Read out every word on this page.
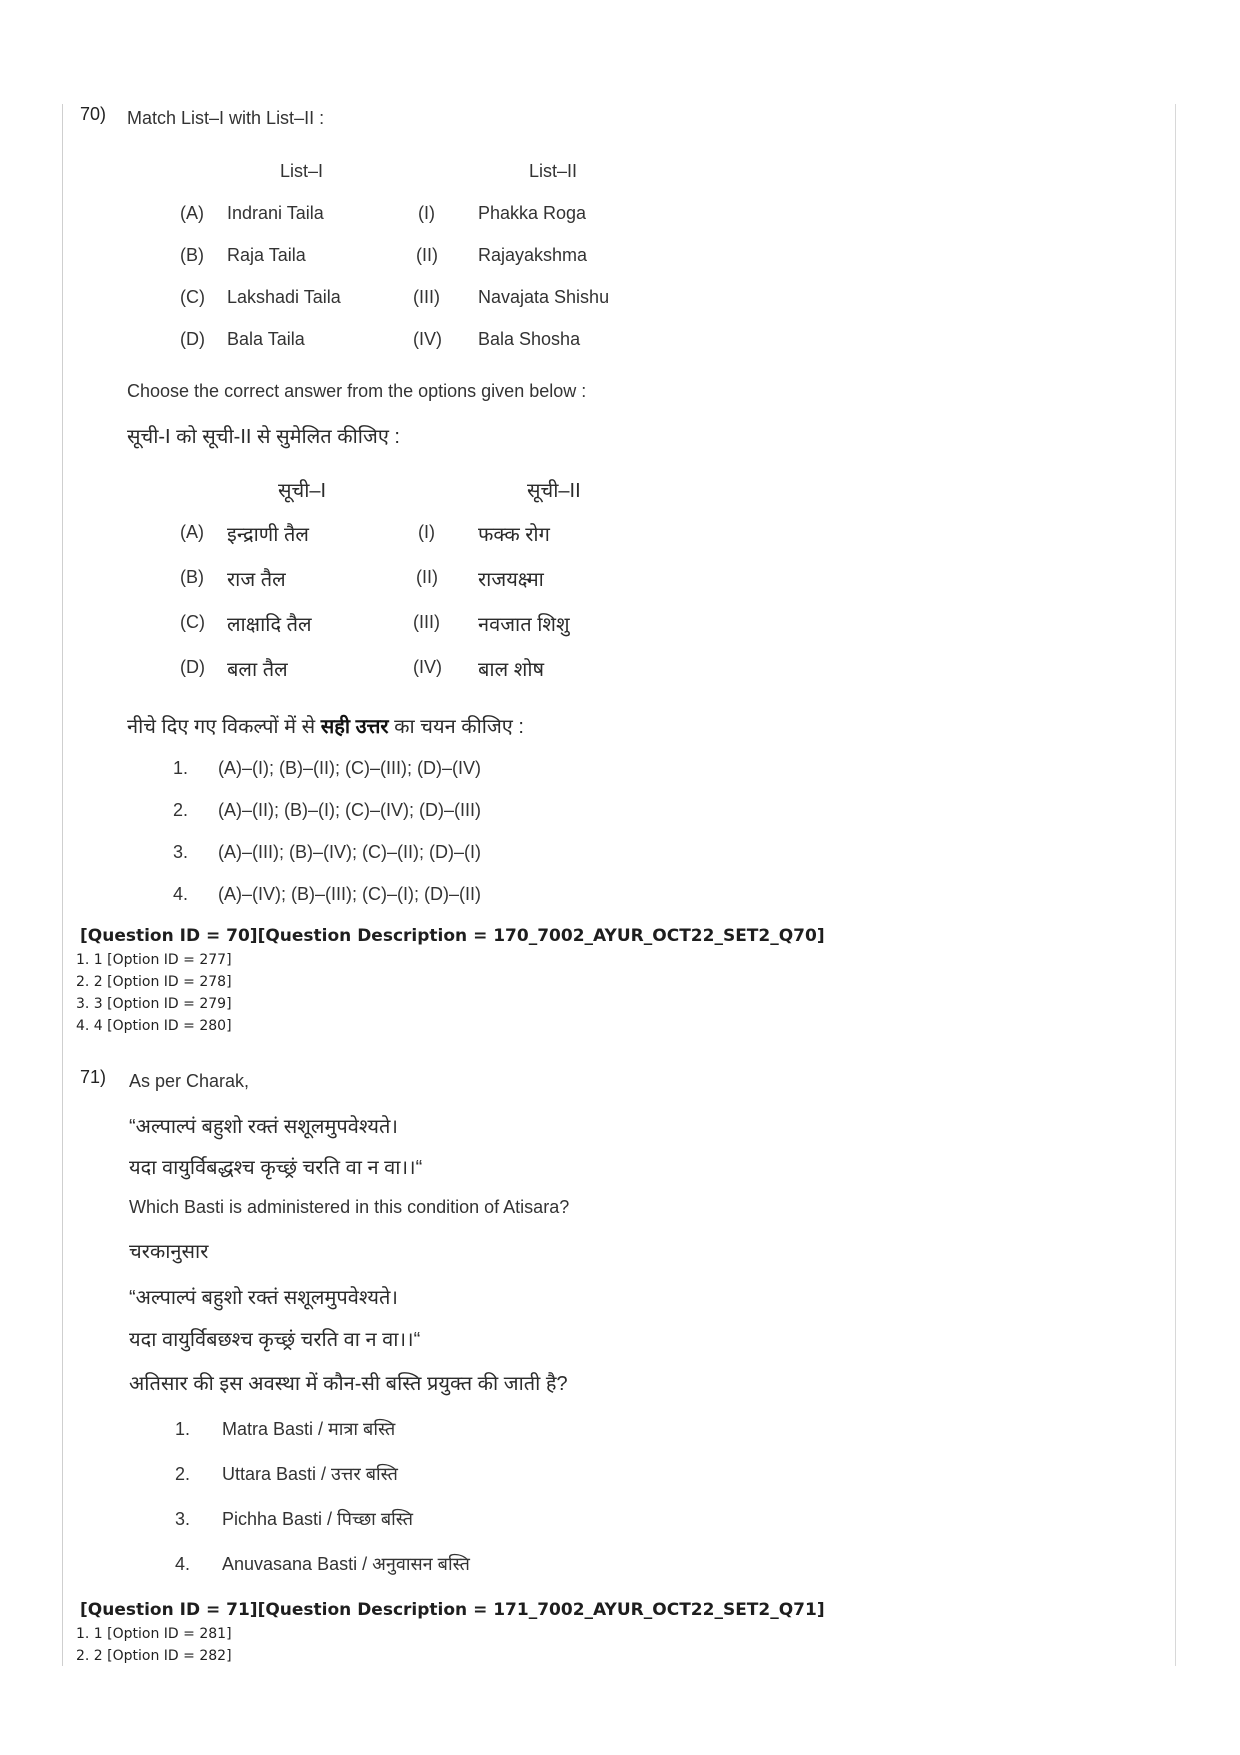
70) Match List–I with List–II :
List–I	List–II
(A) Indrani Taila	(I) Phakka Roga
(B) Raja Taila	(II) Rajayakshma
(C) Lakshadi Taila	(III) Navajata Shishu
(D) Bala Taila	(IV) Bala Shosha
Choose the correct answer from the options given below :
सूची-I को सूची-II से सुमेलित कीजिए :
सूची–I	सूची–II
(A) इन्द्राणी तैल	(I) फक्क रोग
(B) राज तैल	(II) राजयक्ष्मा
(C) लाक्षादि तैल	(III) नवजात शिशु
(D) बला तैल	(IV) बाल शोष
नीचे दिए गए विकल्पों में से सही उत्तर का चयन कीजिए :
1. (A)–(I); (B)–(II); (C)–(III); (D)–(IV)
2. (A)–(II); (B)–(I); (C)–(IV); (D)–(III)
3. (A)–(III); (B)–(IV); (C)–(II); (D)–(I)
4. (A)–(IV); (B)–(III); (C)–(I); (D)–(II)
[Question ID = 70][Question Description = 170_7002_AYUR_OCT22_SET2_Q70]
1. 1 [Option ID = 277]
2. 2 [Option ID = 278]
3. 3 [Option ID = 279]
4. 4 [Option ID = 280]
71) As per Charak,
“अल्पाल्पं बहुशो रक्तं सशूलमुपवेश्यते।
यदा वायुर्विबद्धश्च कृच्छ्रं चरति वा न वा।।“
Which Basti is administered in this condition of Atisara?
चरकानुसार
“अल्पाल्पं बहुशो रक्तं सशूलमुपवेश्यते।
यदा वायुर्विबछश्च कृच्छ्रं चरति वा न वा।।“
अतिसार की इस अवस्था में कौन-सी बस्ति प्रयुक्त की जाती है?
1. Matra Basti / मात्रा बस्ति
2. Uttara Basti / उत्तर बस्ति
3. Pichha Basti / पिच्छा बस्ति
4. Anuvasana Basti / अनुवासन बस्ति
[Question ID = 71][Question Description = 171_7002_AYUR_OCT22_SET2_Q71]
1. 1 [Option ID = 281]
2. 2 [Option ID = 282]
